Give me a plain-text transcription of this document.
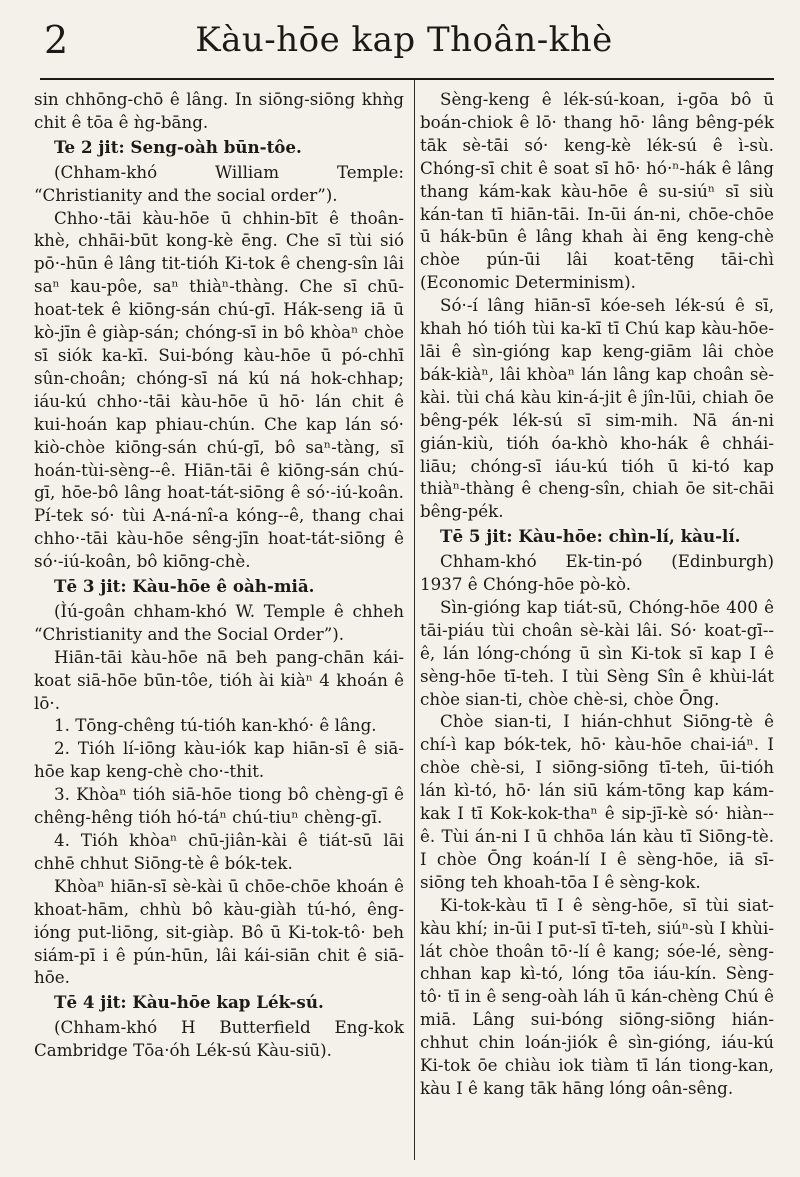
2	Kàu-hōe kap Thoân-khè

sin chhōng-chō ê lâng. In siōng-siōng khǹg chit ê tōa ê ǹg-bāng.

Te 2 jit: Seng-oàh būn-tôe.

(Chham-khó William Temple: “Christianity and the social order”).

Chho·-tāi kàu-hōe ū chhin-bīt ê thoân-khè, chhāi-būt kong-kè ēng. Che sī tùi sió pō·-hūn ê lâng tit-tióh Ki-tok ê cheng-sîn lâi saⁿ kau-pôe, saⁿ thiàⁿ-thàng. Che sī chū-hoat-tek ê kiōng-sán chú-gī. Hák-seng iā ū kò-jīn ê giàp-sán; chóng-sī in bô khòaⁿ chòe sī siók ka-kī. Sui-bóng kàu-hōe ū pó-chhī sûn-choân; chóng-sī ná kú ná hok-chhap; iáu-kú chho·-tāi kàu-hōe ū hō· lán chit ê kui-hoán kap phiau-chún. Che kap lán só· kiò-chòe kiōng-sán chú-gī, bô saⁿ-tàng, sī hoán-tùi-sèng--ê. Hiān-tāi ê kiōng-sán chú-gī, hōe-bô lâng hoat-tát-siōng ê só·-iú-koân. Pí-tek só· tùi A-ná-nî-a kóng--ê, thang chai chho·-tāi kàu-hōe sêng-jīn hoat-tát-siōng ê só·-iú-koân, bô kiōng-chè.

Tē 3 jit: Kàu-hōe ê oàh-miā.

(Ìú-goân chham-khó W. Temple ê chheh “Christianity and the Social Order”).

Hiān-tāi kàu-hōe nā beh pang-chān kái-koat siā-hōe būn-tôe, tióh ài kiàⁿ 4 khoán ê lō·.

1. Tōng-chêng tú-tióh kan-khó· ê lâng.

2. Tióh lí-iōng kàu-iók kap hiān-sī ê siā-hōe kap keng-chè cho·-thit.

3. Khòaⁿ tióh siā-hōe tiong bô chèng-gī ê chêng-hêng tióh hó-táⁿ chú-tiuⁿ chèng-gī.

4. Tióh khòaⁿ chū-jiân-kài ê tiát-sū lāi chhē chhut Siōng-tè ê bók-tek.

Khòaⁿ hiān-sī sè-kài ū chōe-chōe khoán ê khoat-hām, chhù bô kàu-giàh tú-hó, êng-ióng put-liōng, sit-giàp. Bô ū Ki-tok-tô· beh siám-pī i ê pún-hūn, lâi kái-siān chit ê siā-hōe.

Tē 4 jit: Kàu-hōe kap Lék-sú.

(Chham-khó H Butterfield Eng-kok Cambridge Tōa·óh Lék-sú Kàu-siū).

Sèng-keng ê lék-sú-koan, i-gōa bô ū boán-chiok ê lō· thang hō· lâng bêng-pék tāk sè-tāi só· keng-kè lék-sú ê ì-sù. Chóng-sī chit ê soat sī hō· hó·ⁿ-hák ê lâng thang kám-kak kàu-hōe ê su-siúⁿ sī siù kán-tan tī hiān-tāi. In-ūi án-ni, chōe-chōe ū hák-būn ê lâng khah ài ēng keng-chè chòe pún-ūi lâi koat-tēng tāi-chì (Economic Determinism).

Só·-í lâng hiān-sī kóe-seh lék-sú ê sī, khah hó tióh tùi ka-kī tī Chú kap kàu-hōe-lāi ê sìn-gióng kap keng-giām lâi chòe bák-kiàⁿ, lâi khòaⁿ lán lâng kap choân sè-kài. tùi chá kàu kin-á-jit ê jîn-lūi, chiah ōe bêng-pék lék-sú sī sim-mih. Nā án-ni gián-kiù, tióh óa-khò kho-hák ê chhái-liāu; chóng-sī iáu-kú tióh ū ki-tó kap thiàⁿ-thàng ê cheng-sîn, chiah ōe sit-chāi bêng-pék.

Tē 5 jit: Kàu-hōe: chìn-lí, kàu-lí.

Chham-khó Ek-tin-pó (Edinburgh) 1937 ê Chóng-hōe pò-kò.

Sìn-gióng kap tiát-sū, Chóng-hōe 400 ê tāi-piáu tùi choân sè-kài lâi. Só· koat-gī--ê, lán lóng-chóng ū sìn Ki-tok sī kap I ê sèng-hōe tī-teh. I tùi Sèng Sîn ê khùi-lát chòe sian-ti, chòe chè-si, chòe Ōng.

Chòe sian-ti, I hián-chhut Siōng-tè ê chí-ì kap bók-tek, hō· kàu-hōe chai-iáⁿ. I chòe chè-si, I siōng-siōng tī-teh, ūi-tióh lán kì-tó, hō· lán siū kám-tōng kap kám-kak I tī Kok-kok-thaⁿ ê sip-jī-kè só· hiàn--ê. Tùi án-ni I ū chhōa lán kàu tī Siōng-tè. I chòe Ōng koán-lí I ê sèng-hōe, iā sī-siōng teh khoah-tōa I ê sèng-kok.

Ki-tok-kàu tī I ê sèng-hōe, sī tùi siat-kàu khí; in-ūi I put-sī tī-teh, siúⁿ-sù I khùi-lát chòe thoân tō·-lí ê kang; sóe-lé, sèng-chhan kap kì-tó, lóng tōa iáu-kín. Sèng-tô· tī in ê seng-oàh láh ū kán-chèng Chú ê miā. Lâng sui-bóng siōng-siōng hián-chhut chin loán-jiók ê sìn-gióng, iáu-kú Ki-tok ōe chiàu iok tiàm tī lán tiong-kan, kàu I ê kang tāk hāng lóng oân-sêng.
